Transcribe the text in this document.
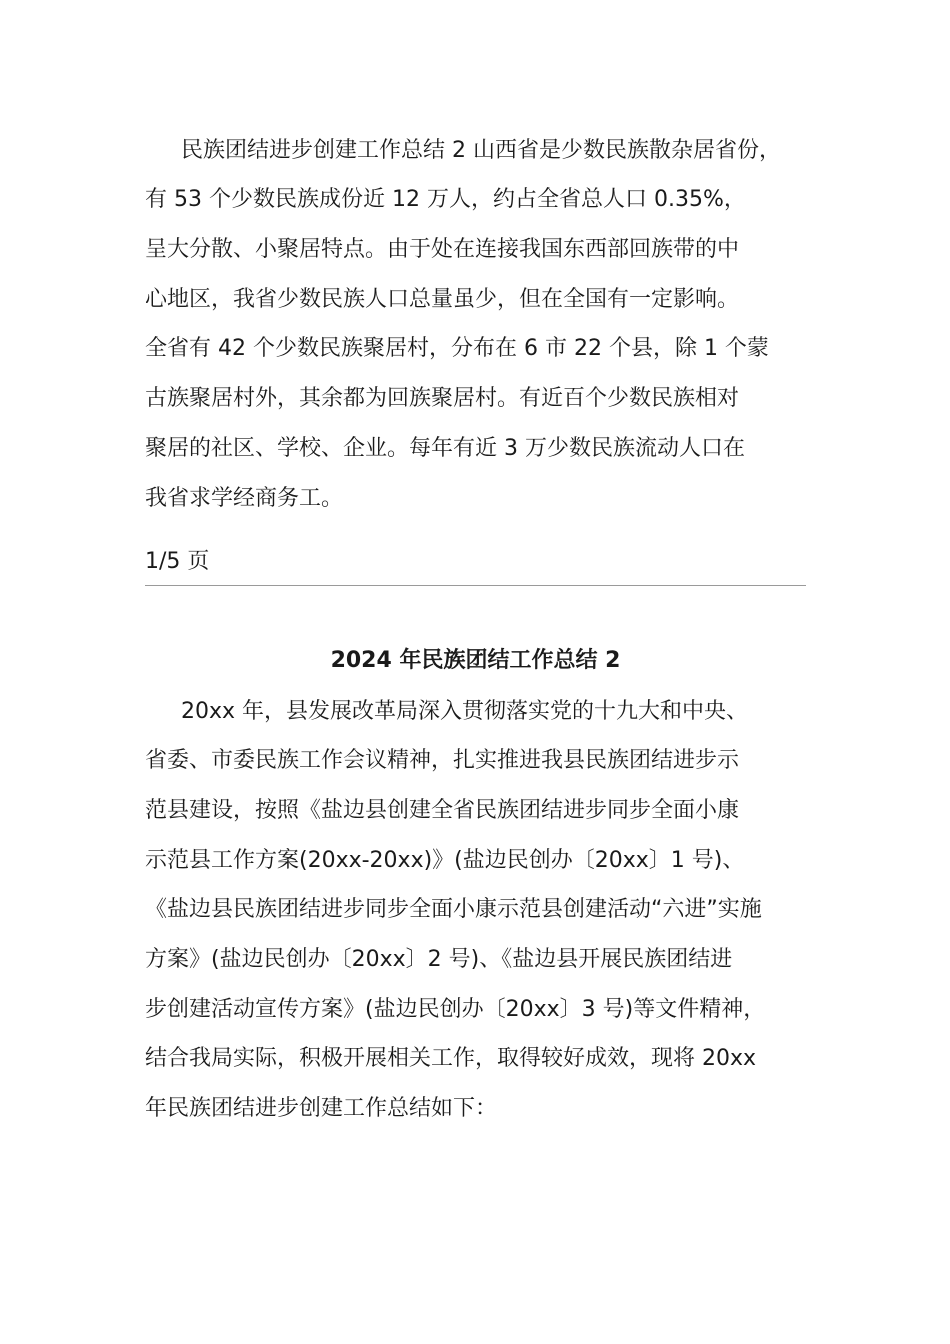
民族团结进步创建工作总结 2 山西省是少数民族散杂居省份，
有 53 个少数民族成份近 12 万人，约占全省总人口 0.35%，
呈大分散、小聚居特点。由于处在连接我国东西部回族带的中
心地区，我省少数民族人口总量虽少，但在全国有一定影响。
全省有 42 个少数民族聚居村，分布在 6 市 22 个县，除 1 个蒙
古族聚居村外，其余都为回族聚居村。有近百个少数民族相对
聚居的社区、学校、企业。每年有近 3 万少数民族流动人口在
我省求学经商务工。
1/5 页
2024 年民族团结工作总结 2
20xx 年，县发展改革局深入贯彻落实党的十九大和中央、
省委、市委民族工作会议精神，扎实推进我县民族团结进步示
范县建设，按照《盐边县创建全省民族团结进步同步全面小康
示范县工作方案(20xx-20xx)》(盐边民创办〔20xx〕1 号)、
《盐边县民族团结进步同步全面小康示范县创建活动“六进”实施
方案》(盐边民创办〔20xx〕2 号)、《盐边县开展民族团结进
步创建活动宣传方案》(盐边民创办〔20xx〕3 号)等文件精神，
结合我局实际，积极开展相关工作，取得较好成效，现将 20xx
年民族团结进步创建工作总结如下：
